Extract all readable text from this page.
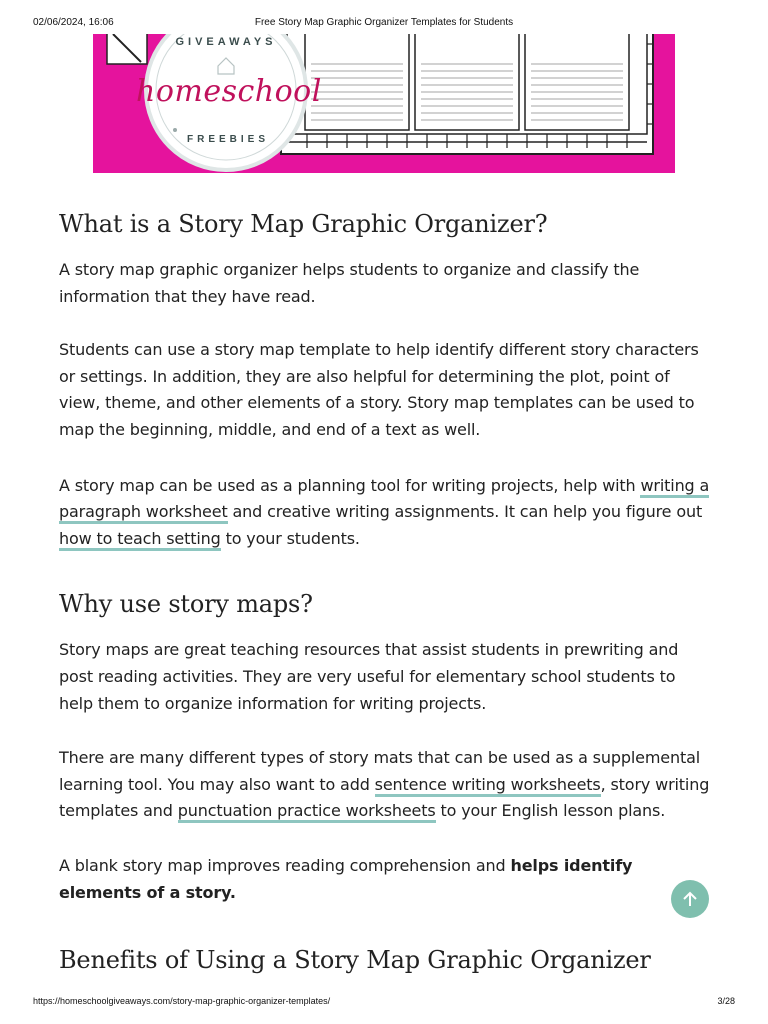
02/06/2024, 16:06	Free Story Map Graphic Organizer Templates for Students
GIVEAWAYS
homeschool
FREEBIES
What is a Story Map Graphic Organizer?

A story map graphic organizer helps students to organize and classify the information that they have read.

Students can use a story map template to help identify different story characters or settings. In addition, they are also helpful for determining the plot, point of view, theme, and other elements of a story. Story map templates can be used to map the beginning, middle, and end of a text as well.

A story map can be used as a planning tool for writing projects, help with writing a paragraph worksheet and creative writing assignments. It can help you figure out how to teach setting to your students.

Why use story maps?

Story maps are great teaching resources that assist students in prewriting and post reading activities. They are very useful for elementary school students to help them to organize information for writing projects.

There are many different types of story mats that can be used as a supplemental learning tool. You may also want to add sentence writing worksheets, story writing templates and punctuation practice worksheets to your English lesson plans.

A blank story map improves reading comprehension and helps identify elements of a story.

Benefits of Using a Story Map Graphic Organizer
https://homeschoolgiveaways.com/story-map-graphic-organizer-templates/	3/28
